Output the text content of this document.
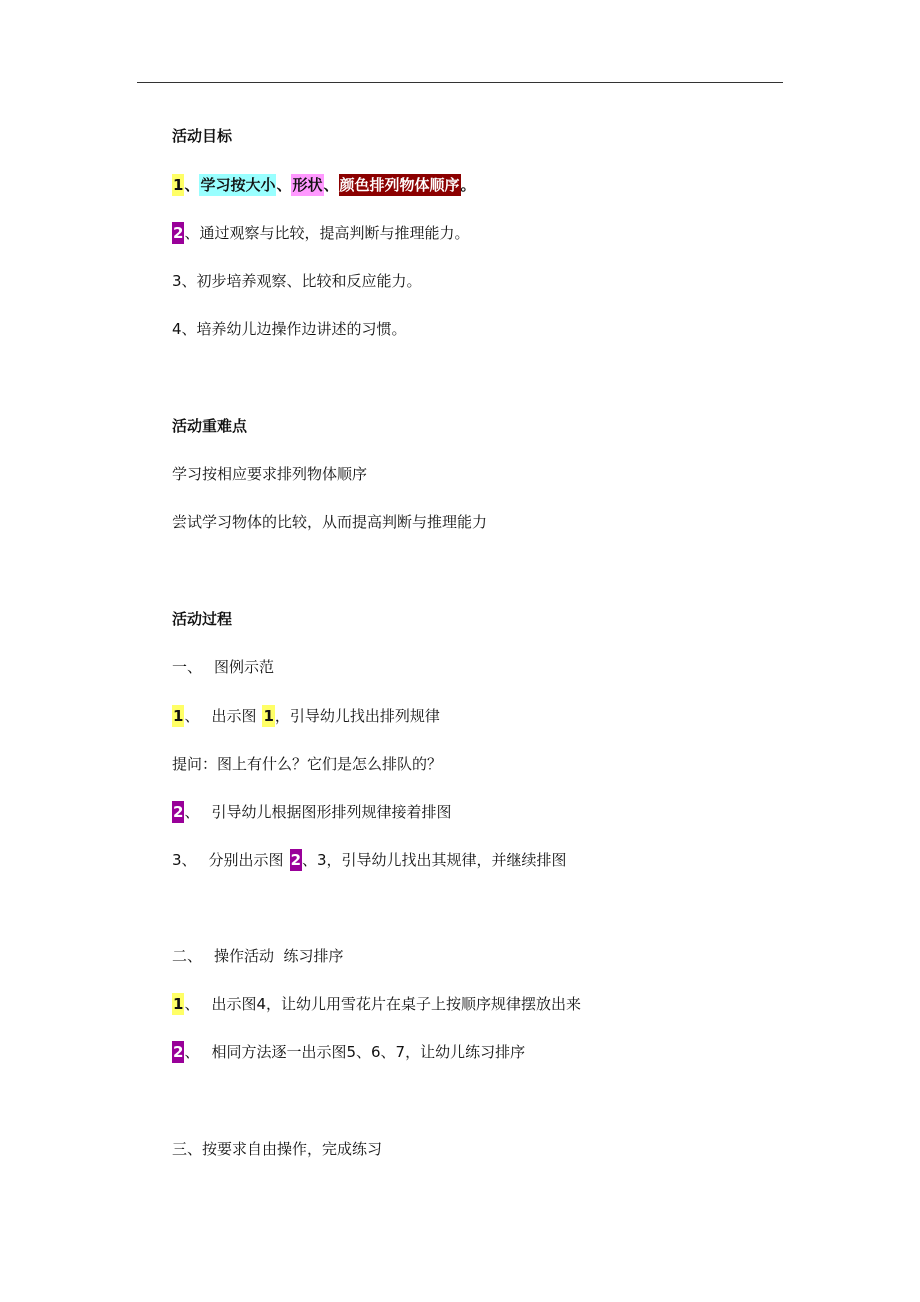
活动目标
1、学习按大小、形状、颜色排列物体顺序。
2、通过观察与比较，提高判断与推理能力。
3、初步培养观察、比较和反应能力。
4、培养幼儿边操作边讲述的习惯。
活动重难点
学习按相应要求排列物体顺序
尝试学习物体的比较，从而提高判断与推理能力
活动过程
一、 图例示范
1、 出示图 1，引导幼儿找出排列规律
提问：图上有什么？它们是怎么排队的？
2、 引导幼儿根据图形排列规律接着排图
3、 分别出示图 2、3，引导幼儿找出其规律，并继续排图
二、 操作活动  练习排序
1、 出示图4，让幼儿用雪花片在桌子上按顺序规律摆放出来
2、 相同方法逐一出示图5、6、7，让幼儿练习排序
三、按要求自由操作，完成练习
